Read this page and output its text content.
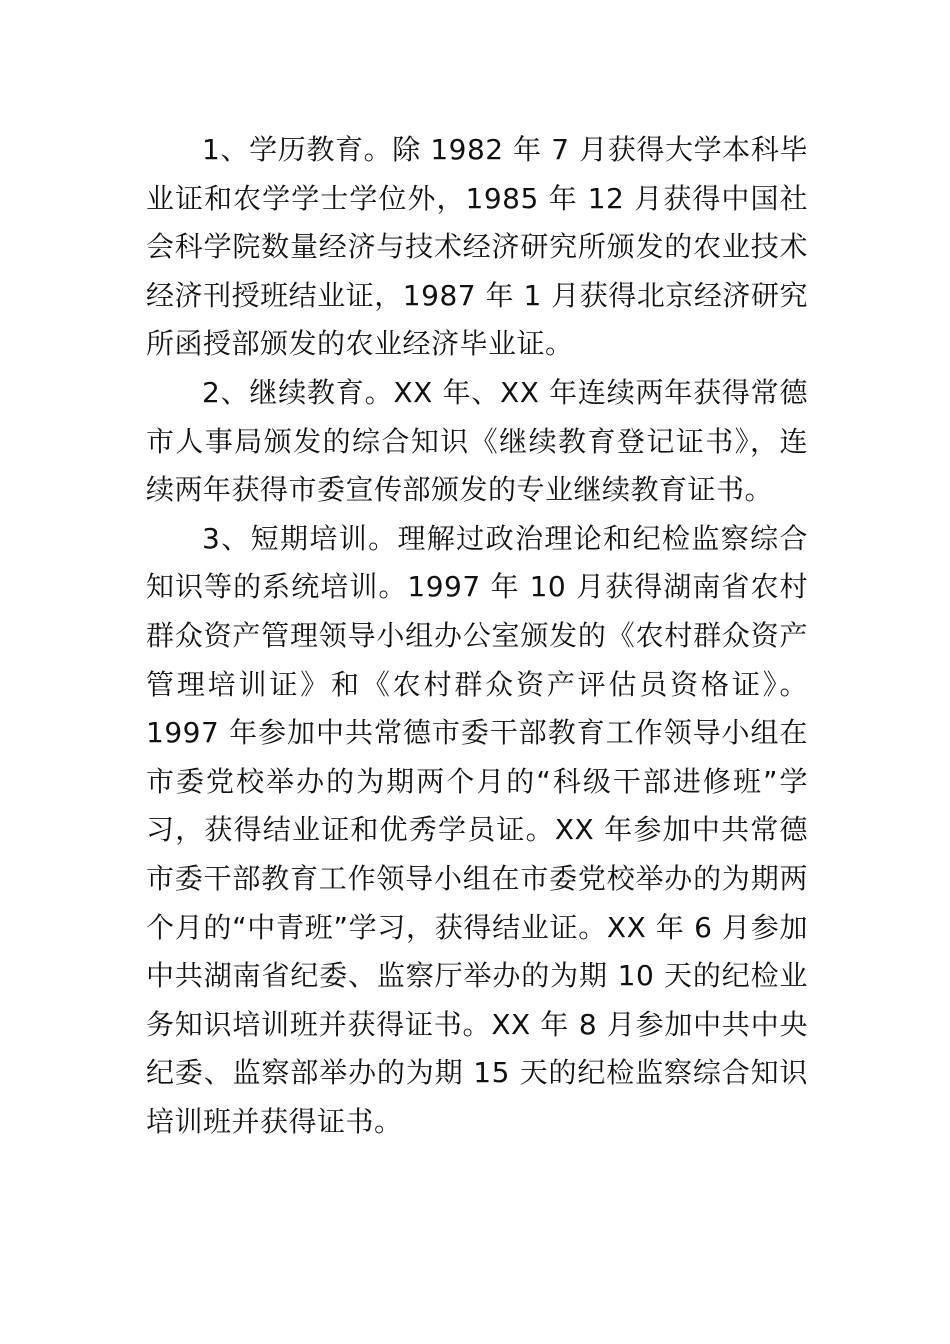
1、学历教育。除 1982 年 7 月获得大学本科毕业证和农学学士学位外，1985 年 12 月获得中国社会科学院数量经济与技术经济研究所颁发的农业技术经济刊授班结业证，1987 年 1 月获得北京经济研究所函授部颁发的农业经济毕业证。

2、继续教育。XX 年、XX 年连续两年获得常德市人事局颁发的综合知识《继续教育登记证书》，连续两年获得市委宣传部颁发的专业继续教育证书。

3、短期培训。理解过政治理论和纪检监察综合知识等的系统培训。1997 年 10 月获得湖南省农村群众资产管理领导小组办公室颁发的《农村群众资产管理培训证》和《农村群众资产评估员资格证》。1997 年参加中共常德市委干部教育工作领导小组在市委党校举办的为期两个月的“科级干部进修班”学习，获得结业证和优秀学员证。XX 年参加中共常德市委干部教育工作领导小组在市委党校举办的为期两个月的“中青班”学习，获得结业证。XX 年 6 月参加中共湖南省纪委、监察厅举办的为期 10 天的纪检业务知识培训班并获得证书。XX 年 8 月参加中共中央纪委、监察部举办的为期 15 天的纪检监察综合知识培训班并获得证书。
